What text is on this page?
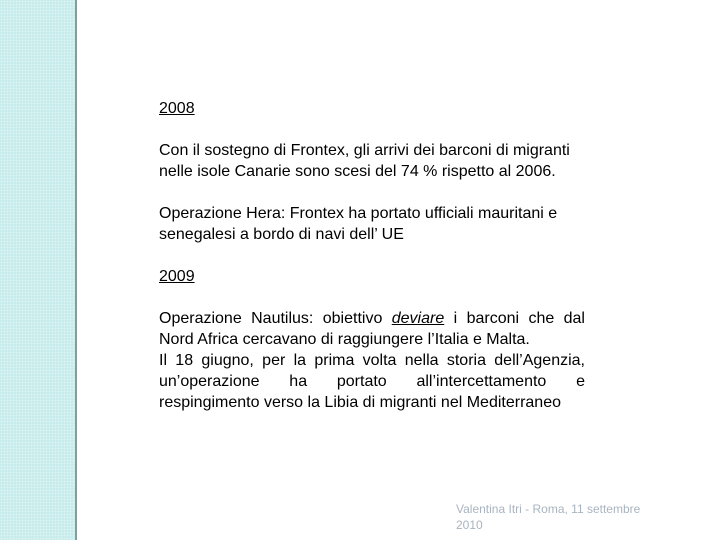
2008

Con il sostegno di Frontex, gli arrivi dei barconi di migranti nelle isole Canarie sono scesi del 74 % rispetto al 2006.

Operazione Hera: Frontex ha portato ufficiali mauritani e senegalesi a bordo di navi dell’ UE

2009

Operazione Nautilus: obiettivo deviare i barconi che dal Nord Africa cercavano di raggiungere l’Italia e Malta.

Il 18 giugno, per la prima volta nella storia dell’Agenzia, un’operazione ha portato all’intercettamento e respingimento verso la Libia di migranti nel Mediterraneo

Valentina Itri - Roma, 11 settembre 2010
